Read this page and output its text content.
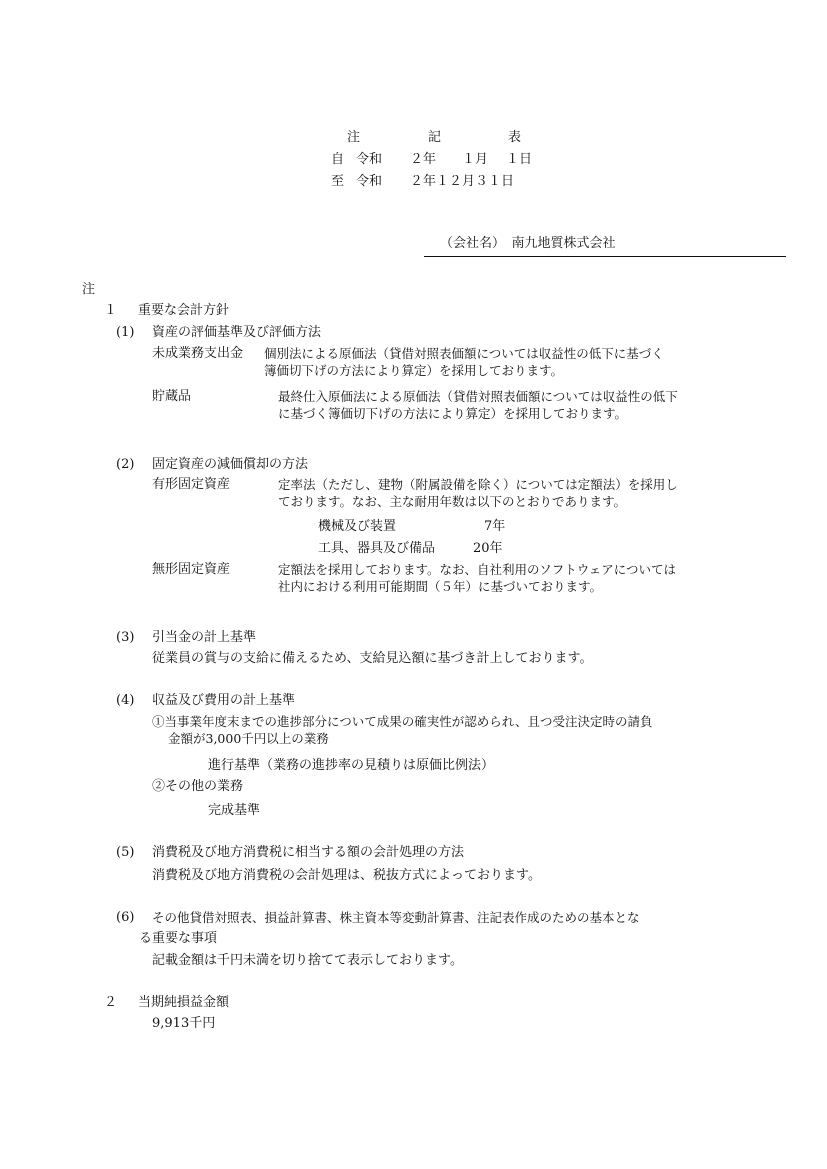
注	記	表
自 令和 ２年 １月 １日
至 令和 ２年１２月３１日
（会社名）　南九地質株式会社
注
１ 重要な会計方針
(1) 資産の評価基準及び評価方法
未成業務支出金 個別法による原価法（貸借対照表価額については収益性の低下に基づく
簿価切下げの方法により算定）を採用しております。
貯蔵品	最終仕入原価法による原価法（貸借対照表価額については収益性の低下
に基づく簿価切下げの方法により算定）を採用しております。
(2) 固定資産の減価償却の方法
有形固定資産	定率法（ただし、建物（附属設備を除く）については定額法）を採用し
ております。なお、主な耐用年数は以下のとおりであります。
機械及び装置	7年
工具、器具及び備品	20年
無形固定資産	定額法を採用しております。なお、自社利用のソフトウェアについては
社内における利用可能期間（５年）に基づいております。
(3) 引当金の計上基準
従業員の賞与の支給に備えるため、支給見込額に基づき計上しております。
(4) 収益及び費用の計上基準
①当事業年度末までの進捗部分について成果の確実性が認められ、且つ受注決定時の請負
金額が3,000千円以上の業務
進行基準（業務の進捗率の見積りは原価比例法）
②その他の業務
完成基準
(5) 消費税及び地方消費税に相当する額の会計処理の方法
消費税及び地方消費税の会計処理は、税抜方式によっております。
(6) その他貸借対照表、損益計算書、株主資本等変動計算書、注記表作成のための基本とな
る重要な事項
記載金額は千円未満を切り捨てて表示しております。
２ 当期純損益金額
9,913千円
